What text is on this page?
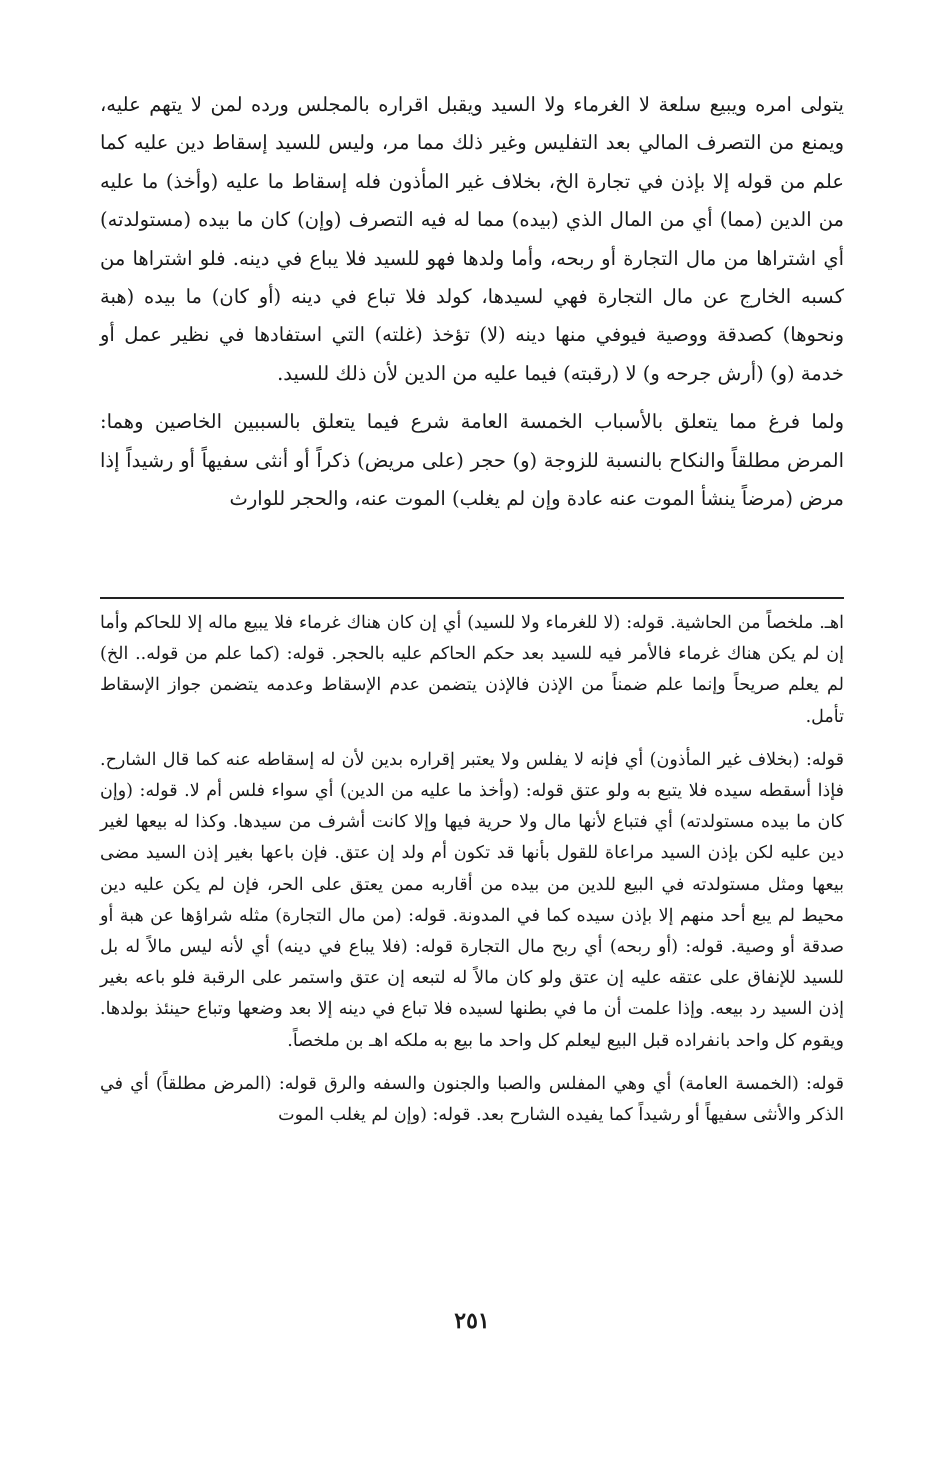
يتولى امره ويبيع سلعة لا الغرماء ولا السيد ويقبل اقراره بالمجلس ورده لمن لا يتهم عليه، ويمنع من التصرف المالي بعد التفليس وغير ذلك مما مر، وليس للسيد إسقاط دين عليه كما علم من قوله إلا بإذن في تجارة الخ، بخلاف غير المأذون فله إسقاط ما عليه (وأخذ) ما عليه من الدين (مما) أي من المال الذي (بيده) مما له فيه التصرف (وإن) كان ما بيده (مستولدته) أي اشتراها من مال التجارة أو ربحه، وأما ولدها فهو للسيد فلا يباع في دينه. فلو اشتراها من كسبه الخارج عن مال التجارة فهي لسيدها، كولد فلا تباع في دينه (أو كان) ما بيده (هبة ونحوها) كصدقة ووصية فيوفي منها دينه (لا) تؤخذ (غلته) التي استفادها في نظير عمل أو خدمة (و) (أرش جرحه و) لا (رقبته) فيما عليه من الدين لأن ذلك للسيد.

ولما فرغ مما يتعلق بالأسباب الخمسة العامة شرع فيما يتعلق بالسببين الخاصين وهما: المرض مطلقاً والنكاح بالنسبة للزوجة (و) حجر (على مريض) ذكراً أو أنثى سفيهاً أو رشيداً إذا مرض (مرضاً ينشأ الموت عنه عادة وإن لم يغلب) الموت عنه، والحجر للوارث

اهـ. ملخصاً من الحاشية. قوله: (لا للغرماء ولا للسيد) أي إن كان هناك غرماء فلا يبيع ماله إلا للحاكم وأما إن لم يكن هناك غرماء فالأمر فيه للسيد بعد حكم الحاكم عليه بالحجر. قوله: (كما علم من قوله.. الخ) لم يعلم صريحاً وإنما علم ضمناً من الإذن فالإذن يتضمن عدم الإسقاط وعدمه يتضمن جواز الإسقاط تأمل.

قوله: (بخلاف غير المأذون) أي فإنه لا يفلس ولا يعتبر إقراره بدين لأن له إسقاطه عنه كما قال الشارح. فإذا أسقطه سيده فلا يتبع به ولو عتق قوله: (وأخذ ما عليه من الدين) أي سواء فلس أم لا. قوله: (وإن كان ما بيده مستولدته) أي فتباع لأنها مال ولا حرية فيها وإلا كانت أشرف من سيدها. وكذا له بيعها لغير دين عليه لكن بإذن السيد مراعاة للقول بأنها قد تكون أم ولد إن عتق. فإن باعها بغير إذن السيد مضى بيعها ومثل مستولدته في البيع للدين من بيده من أقاربه ممن يعتق على الحر، فإن لم يكن عليه دين محيط لم يبع أحد منهم إلا بإذن سيده كما في المدونة. قوله: (من مال التجارة) مثله شراؤها عن هبة أو صدقة أو وصية. قوله: (أو ربحه) أي ربح مال التجارة قوله: (فلا يباع في دينه) أي لأنه ليس مالاً له بل للسيد للإنفاق على عتقه عليه إن عتق ولو كان مالاً له لتبعه إن عتق واستمر على الرقبة فلو باعه بغير إذن السيد رد بيعه. وإذا علمت أن ما في بطنها لسيده فلا تباع في دينه إلا بعد وضعها وتباع حينئذ بولدها. ويقوم كل واحد بانفراده قبل البيع ليعلم كل واحد ما بيع به ملكه اهـ بن ملخصاً.

قوله: (الخمسة العامة) أي وهي المفلس والصبا والجنون والسفه والرق قوله: (المرض مطلقاً) أي في الذكر والأنثى سفيهاً أو رشيداً كما يفيده الشارح بعد. قوله: (وإن لم يغلب الموت

٢٥١
